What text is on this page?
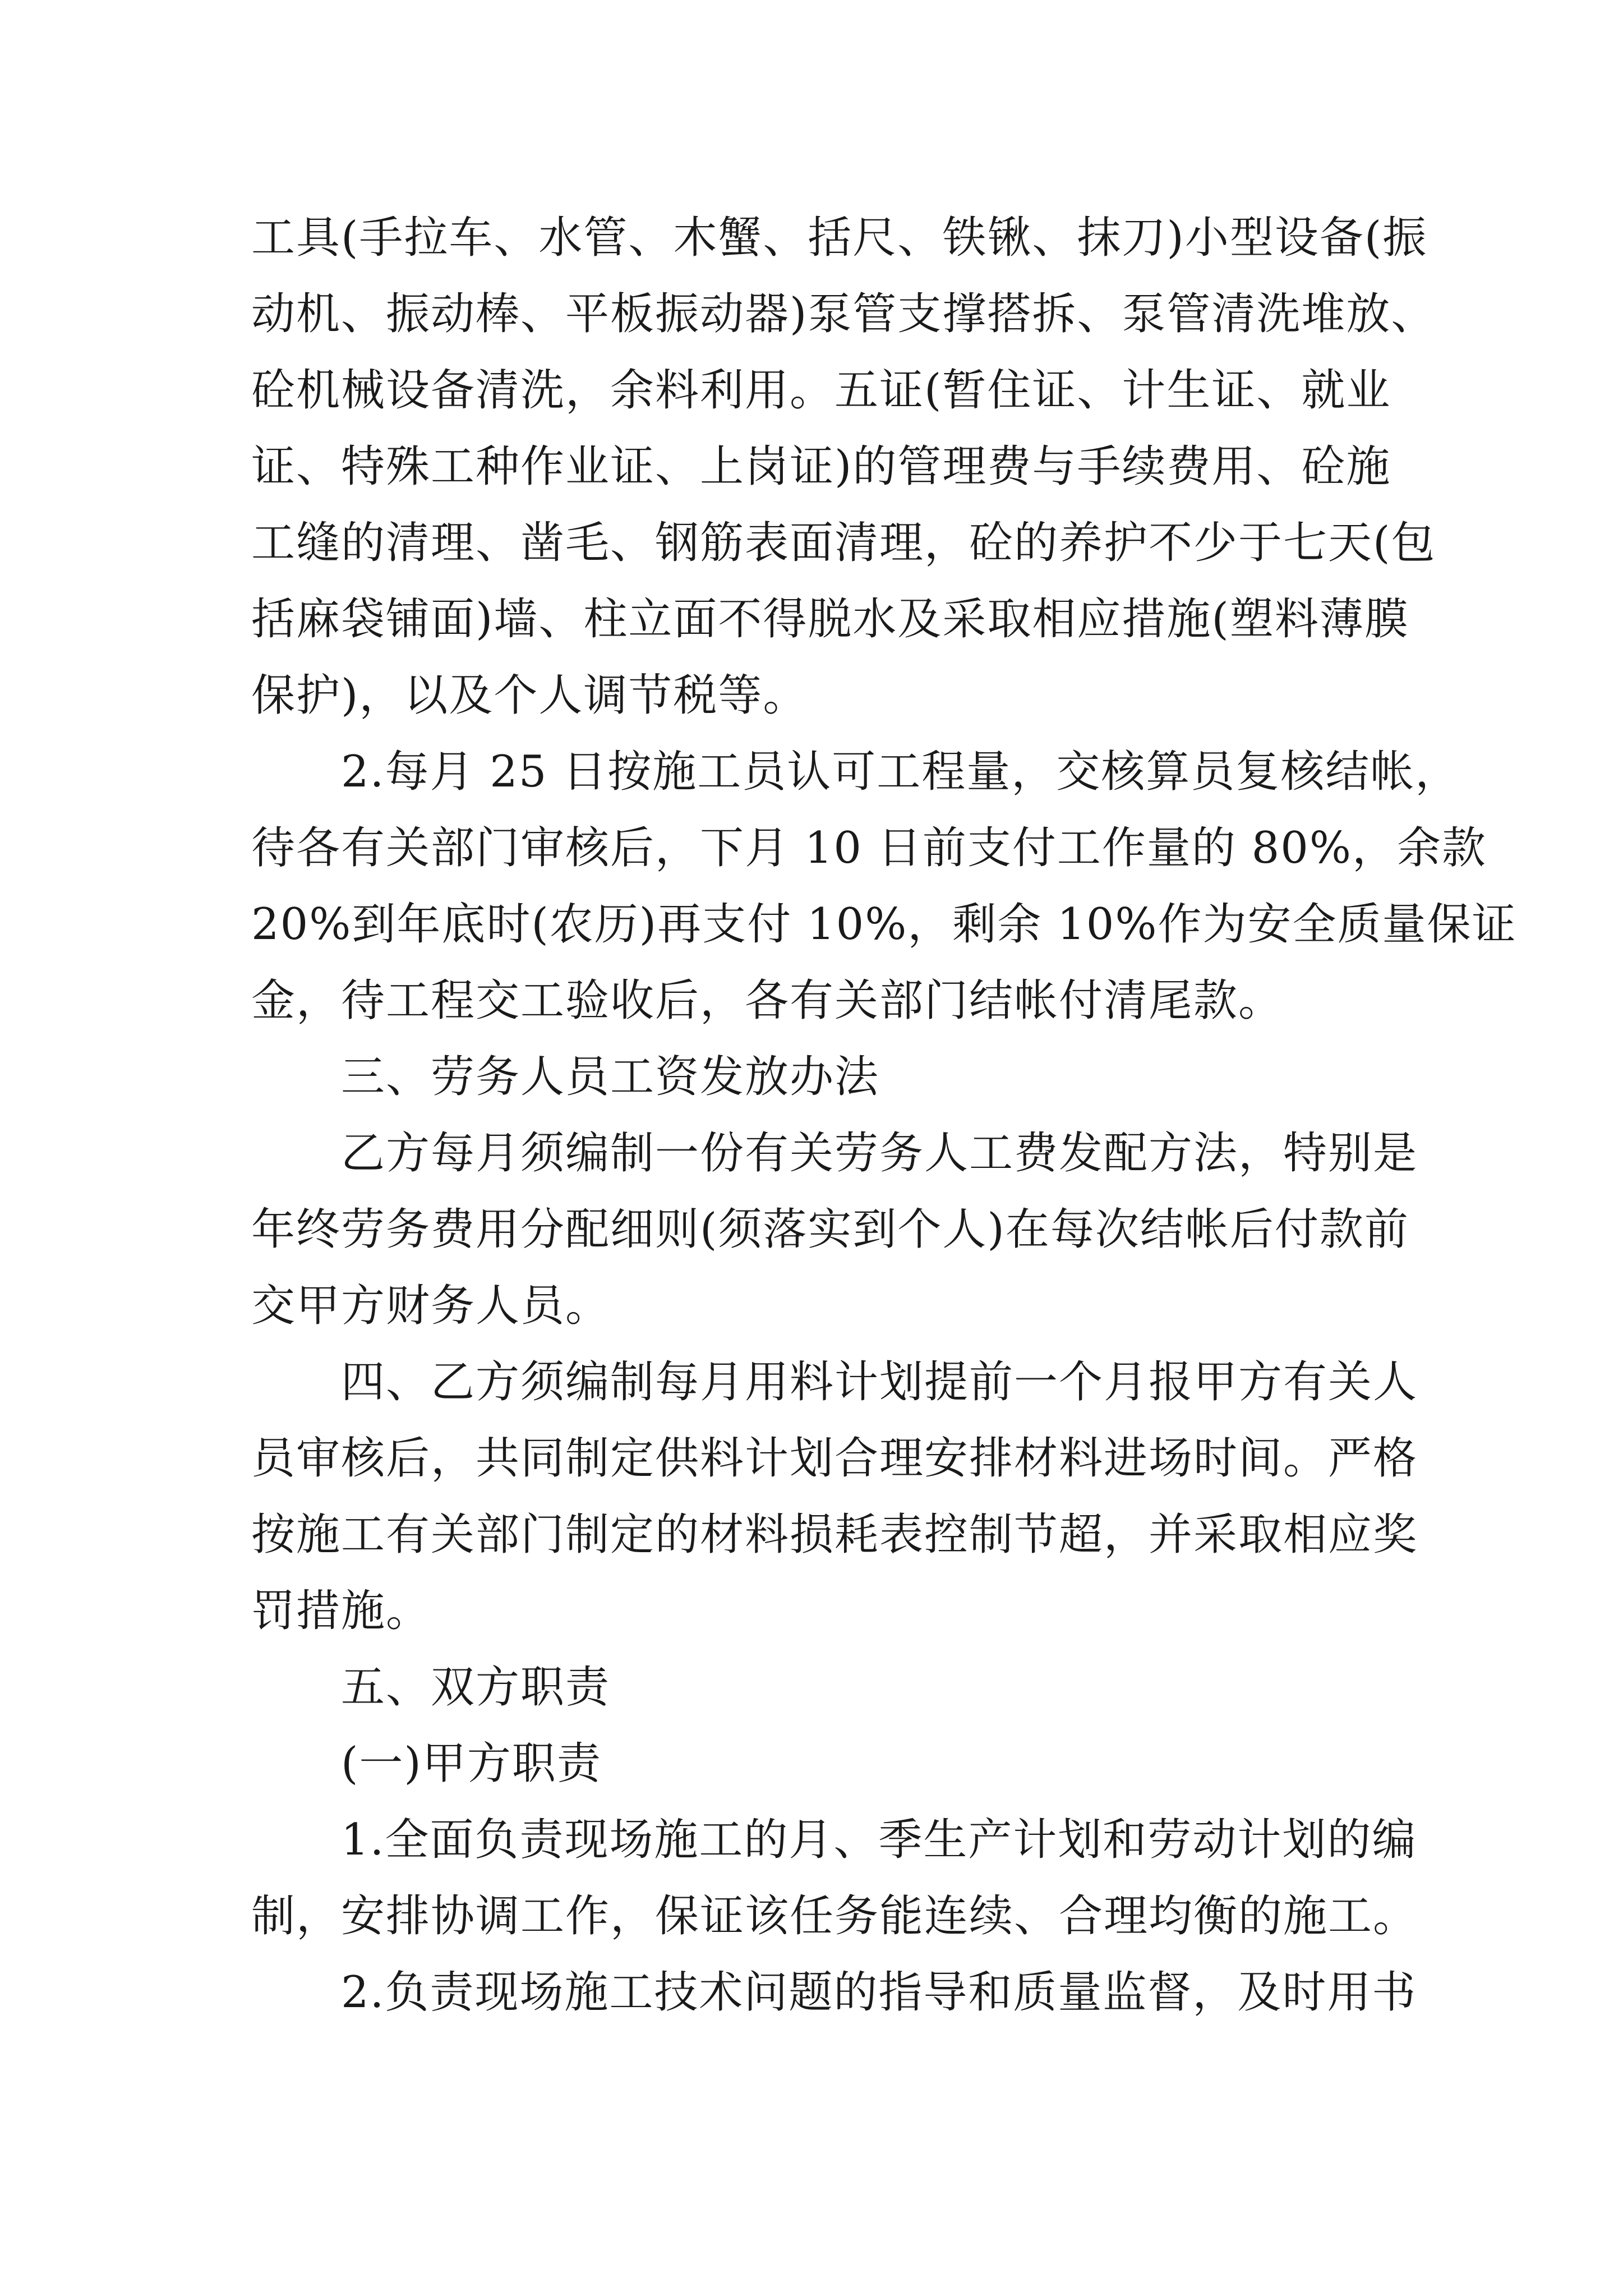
工具(手拉车、水管、木蟹、括尺、铁锹、抹刀)小型设备(振
动机、振动棒、平板振动器)泵管支撑搭拆、泵管清洗堆放、
砼机械设备清洗，余料利用。五证(暂住证、计生证、就业
证、特殊工种作业证、上岗证)的管理费与手续费用、砼施
工缝的清理、凿毛、钢筋表面清理，砼的养护不少于七天(包
括麻袋铺面)墙、柱立面不得脱水及采取相应措施(塑料薄膜
保护)，以及个人调节税等。

2.每月 25 日按施工员认可工程量，交核算员复核结帐，
待各有关部门审核后，下月 10 日前支付工作量的 80%，余款
20%到年底时(农历)再支付 10%，剩余 10%作为安全质量保证
金，待工程交工验收后，各有关部门结帐付清尾款。

三、劳务人员工资发放办法

乙方每月须编制一份有关劳务人工费发配方法，特别是
年终劳务费用分配细则(须落实到个人)在每次结帐后付款前
交甲方财务人员。

四、乙方须编制每月用料计划提前一个月报甲方有关人
员审核后，共同制定供料计划合理安排材料进场时间。严格
按施工有关部门制定的材料损耗表控制节超，并采取相应奖
罚措施。

五、双方职责

(一)甲方职责

1.全面负责现场施工的月、季生产计划和劳动计划的编
制，安排协调工作，保证该任务能连续、合理均衡的施工。

2.负责现场施工技术问题的指导和质量监督，及时用书
